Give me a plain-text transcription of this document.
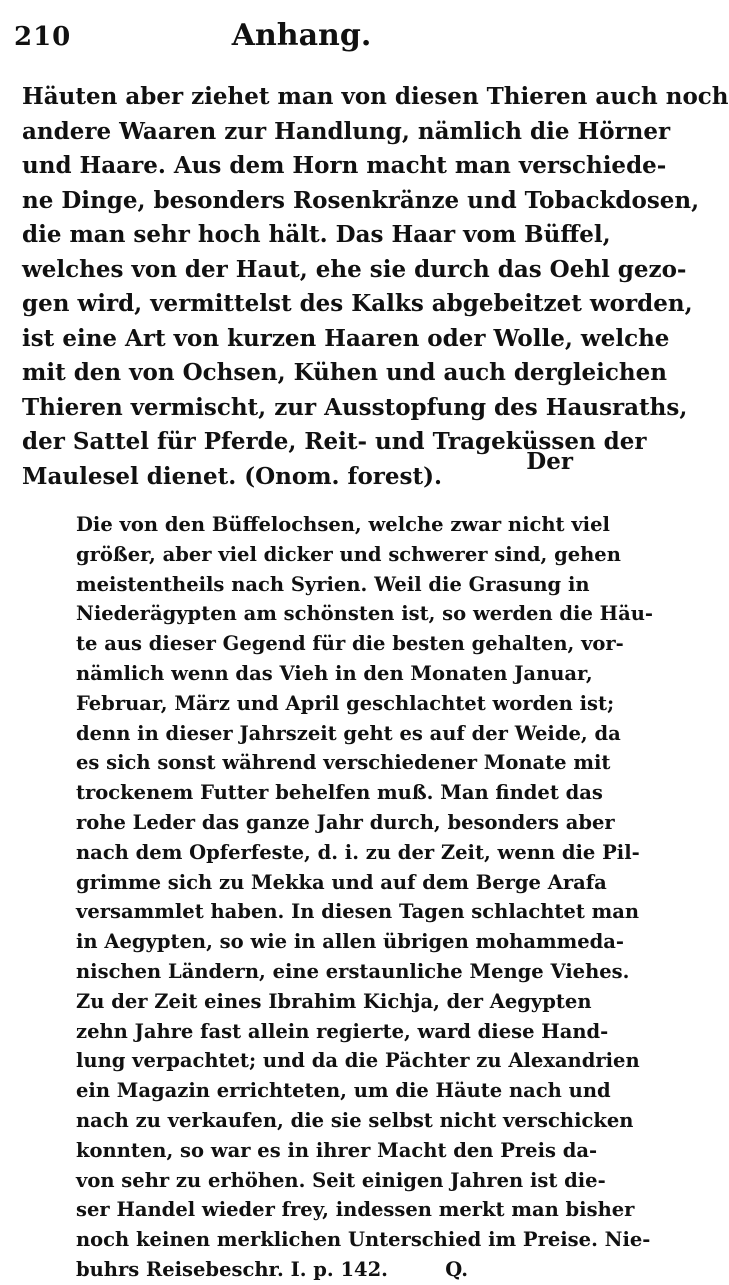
210	Anhang.
Häuten aber ziehet man von diesen Thieren auch noch
andere Waaren zur Handlung, nämlich die Hörner
und Haare. Aus dem Horn macht man verschiede-
ne Dinge, besonders Rosenkränze und Tobackdosen,
die man sehr hoch hält. Das Haar vom Büffel,
welches von der Haut, ehe sie durch das Oehl gezo-
gen wird, vermittelst des Kalks abgebeitzet worden,
ist eine Art von kurzen Haaren oder Wolle, welche
mit den von Ochsen, Kühen und auch dergleichen
Thieren vermischt, zur Ausstopfung des Hausraths,
der Sattel für Pferde, Reit- und Trageküssen der
Maulesel dienet. (Onom. forest).
Der
Die von den Büffelochsen, welche zwar nicht viel
größer, aber viel dicker und schwerer sind, gehen
meistentheils nach Syrien. Weil die Grasung in
Niederägypten am schönsten ist, so werden die Häu-
te aus dieser Gegend für die besten gehalten, vor-
nämlich wenn das Vieh in den Monaten Januar,
Februar, März und April geschlachtet worden ist;
denn in dieser Jahrszeit geht es auf der Weide, da
es sich sonst während verschiedener Monate mit
trockenem Futter behelfen muß. Man findet das
rohe Leder das ganze Jahr durch, besonders aber
nach dem Opferfeste, d. i. zu der Zeit, wenn die Pil-
grimme sich zu Mekka und auf dem Berge Arafa
versammlet haben. In diesen Tagen schlachtet man
in Aegypten, so wie in allen übrigen mohammeda-
nischen Ländern, eine erstaunliche Menge Viehes.
Zu der Zeit eines Ibrahim Kichja, der Aegypten
zehn Jahre fast allein regierte, ward diese Hand-
lung verpachtet; und da die Pächter zu Alexandrien
ein Magazin errichteten, um die Häute nach und
nach zu verkaufen, die sie selbst nicht verschicken
konnten, so war es in ihrer Macht den Preis da-
von sehr zu erhöhen. Seit einigen Jahren ist die-
ser Handel wieder frey, indessen merkt man bisher
noch keinen merklichen Unterschied im Preise. Nie-
buhrs Reisebeschr. I. p. 142.	Q.
